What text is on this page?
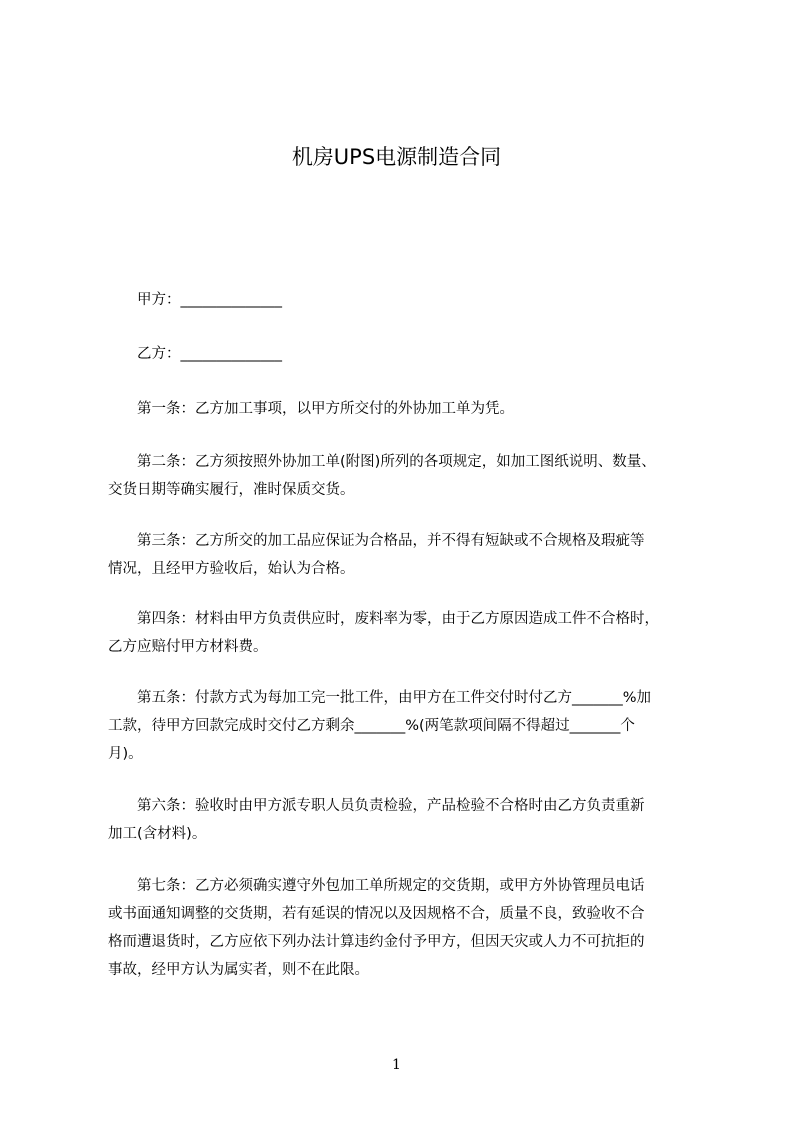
机房UPS电源制造合同

甲方：______________

乙方：______________

第一条：乙方加工事项，以甲方所交付的外协加工单为凭。

第二条：乙方须按照外协加工单(附图)所列的各项规定，如加工图纸说明、数量、
交货日期等确实履行，准时保质交货。

第三条：乙方所交的加工品应保证为合格品，并不得有短缺或不合规格及瑕疵等
情况，且经甲方验收后，始认为合格。

第四条：材料由甲方负责供应时，废料率为零，由于乙方原因造成工件不合格时，
乙方应赔付甲方材料费。

第五条：付款方式为每加工完一批工件，由甲方在工件交付时付乙方_______%加
工款，待甲方回款完成时交付乙方剩余_______%(两笔款项间隔不得超过_______个
月)。

第六条：验收时由甲方派专职人员负责检验，产品检验不合格时由乙方负责重新
加工(含材料)。

第七条：乙方必须确实遵守外包加工单所规定的交货期，或甲方外协管理员电话
或书面通知调整的交货期，若有延误的情况以及因规格不合，质量不良，致验收不合
格而遭退货时，乙方应依下列办法计算违约金付予甲方，但因天灾或人力不可抗拒的
事故，经甲方认为属实者，则不在此限。

1
